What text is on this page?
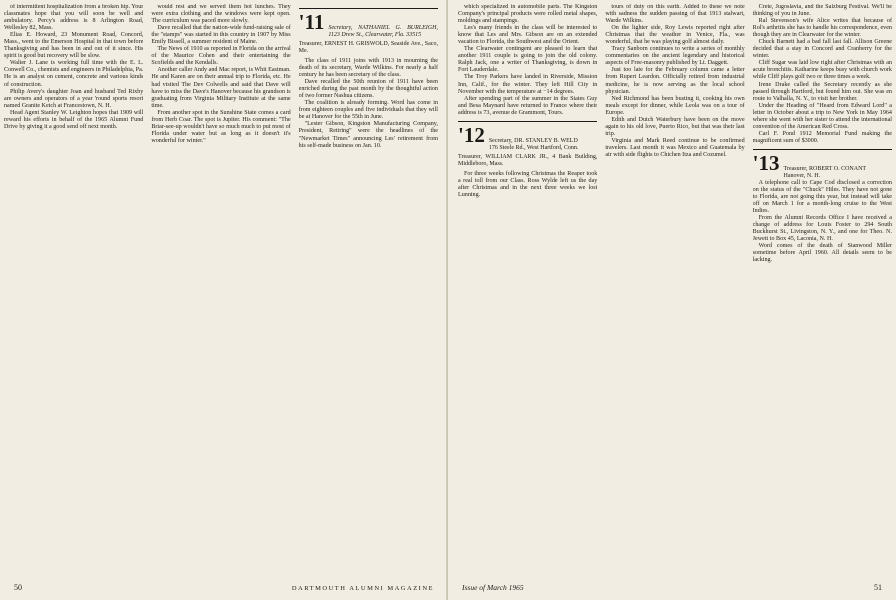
of intermittent hospitalization from a broken hip. Your classmates hope that you will soon be well and ambulatory. Percy's address is 8 Arlington Road, Wellesley 82, Mass.

Elias E. Howard, 23 Monument Road, Concord, Mass., went to the Emerson Hospital in that town before Thanksgiving and has been in and out of it since. His spirit is good but recovery will be slow.

Walter J. Lane is working full time with the E. L. Conwell Co., chemists and engineers in Philadelphia, Pa. He is an analyst on cement, concrete and various kinds of construction.

Philip Avery's daughter Joan and husband Ted Rixby are owners and operators of a year 'round sports resort named Granite Ketch at Francestown, N. H.

Head Agent Stanley W. Leighton hopes that 1909 will reward his efforts in behalf of the 1965 Alumni Fund Drive by giving it a good send off next month.

would rest and we served them hot lunches. They were extra clothing and the windows were kept open. The curriculum was paced more slowly.

Dave recalled that the nation-wide fund-raising sale of the "stamps" was started in this country in 1907 by Miss Emily Bissell, a summer resident of Maine.

The News of 1910 as reported in Florida on the arrival of the Maurice Cohen and their entertaining the Scofields and the Kendalls.

Another caller Andy and Mac report, is Whit Eastman. He and Karen are on their annual trip to Florida, etc. He had visited The Dev Colwells and said that Dave will have to miss the Dave's Hanover because his grandson is graduating from Virginia Military Institute at the same time.

From another spot in the Sunshine State comes a card from Herb Coar. The spot is Jupiter. His comment: "The Briar-see-up wouldn't have so much much to put most of Florida under water but as long as it doesn't it's wonderful for winter."

'11 Secretary, NATHANIEL G. BURLEIGH, 1123 Drew St., Clearwater, Fla. 33515
Treasurer, ERNEST H. GRISWOLD, Seaside Ave., Saco, Me.

The class of 1911 joins with 1913 in mourning the death of its secretary, Warde Wilkins. For nearly a half century he has been secretary of the class.

Dave recalled the 50th reunion of 1911 have been enriched during the past month by the thoughtful action of two former Nashua citizens.

The coalition is already forming. Word has come in from eighteen couples and five individuals that they will be at Hanover for the 55th in June.

"Lester Gibson, Kingston Manufacturing Company, President, Retiring" were the headlines of the "Newmarket Times" announcing Les' retirement from his self-made business on Jan. 10.

50	DARTMOUTH ALUMNI MAGAZINE

which specialized in automobile parts. The Kingston Company's principal products were rolled metal shapes, moldings and stampings.

Les's many friends in the class will be interested to know that Les and Mrs. Gibson are on an extended vacation to Florida, the Southwest and the Orient.

The Clearwater contingent are pleased to learn that another 1911 couple is going to join the old colony. Ralph Jack, one a writer of Thanksgiving, is down in Fort Lauderdale.

The Troy Parkers have landed in Riverside, Mission Inn, Calif., for the winter. They left Hill City in November with the temperature at −14 degrees.

After spending part of the summer in the States Guy and Besa Maynard have returned to France where their address is 73, avenue de Grammont, Tours.

'12 Secretary, DR. STANLEY B. WELD
176 Steele Rd., West Hartford, Conn.
Treasurer, WILLIAM CLARK JR., 4 Bank Building, Middleboro, Mass.

For three weeks following Christmas the Reaper took a real toll from our Class. Ross Wylde left us the day after Christmas and in the next three weeks we lost Lunning.

tours of duty on this earth. Added to these we note with sadness the sudden passing of that 1913 stalwart, Warde Wilkins.

On the lighter side, Roy Lewis reported right after Christmas that the weather in Venice, Fla., was wonderful, that he was playing golf almost daily.

Tracy Sanborn continues to write a series of monthly commentaries on the ancient legendary and historical aspects of Free-masonry published by Lt. Daggett.

Just too late for the February column came a letter from Rupert Leardon. Officially retired from industrial medicine, he is now serving as the local school physician.

Ned Richmond has been busting it, cooking his own meals except for dinner, while Leola was on a tour of Europe.

Edith and Dutch Waterbury have been on the move again to his old love, Puerto Rico, but that was their last trip.

Virginia and Mark Reed continue to be confirmed travelers. Last month it was Mexico and Guatemala by air with side flights to Chichen Itza and Cozumel.

Crete, Jugoslavia, and the Salzburg Festival. We'll be thinking of you in June.

Ral Stevenson's wife Alice writes that because of Rol's arthritis she has to handle his correspondence, even though they are in Clearwater for the winter.

Chuck Barnett had a bad fall last fall. Allison Greene decided that a stay in Concord and Cranberry for the winter.

Cliff Sugar was laid low right after Christmas with an acute bronchitis. Katharine keeps busy with church work while Cliff plays golf two or three times a week.

Irene Drake called the Secretary recently as she passed through Hartford, but found him out. She was en route to Valhalla, N. Y., to visit her brother.

Under the Heading of "Heard from Edward Lord" a letter in October about a trip to New York in May 1964 where she went with her sister to attend the international convention of the American Red Cross.

Carl F. Pond 1912 Memorial Fund making the magnificent sum of $3000.

'13 Treasurer, ROBERT O. CONANT
Hanover, N. H.

A telephone call to Cape Cod disclosed a correction on the status of the "Chuck" Hiles. They have not gone to Florida, are not going this year, but instead will take off on March 1 for a month-long cruise to the West Indies.

From the Alumni Records Office I have received a change of address for Louis Foster to 294 South Buckhurst St., Livingston, N. Y., and one for Theo. N. Jewett to Box 45, Laconia, N. H.

Word comes of the death of Stanwood Miller sometime before April 1960. All details seem to be lacking.

Issue of March 1965	51
